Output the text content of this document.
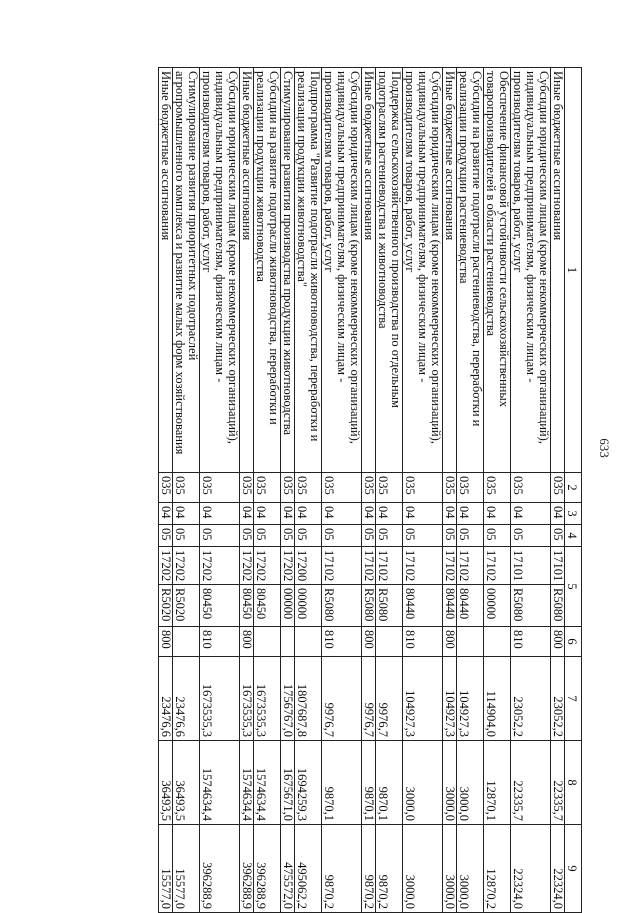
633
1	2	3	4	5		6	7	8	9
Иные бюджетные ассигнования	035	04	05	17101	R5080	800	23052,2	22335,7	22324,0
Субсидии юридическим лицам (кроме некоммерческих организаций), индивидуальным предпринимателям, физическим лицам - производителям товаров, работ, услуг	035	04	05	17101	R5080	810	23052,2	22335,7	22324,0
Обеспечение финансовой устойчивости сельскохозяйственных товаропроизводителей в области растениеводства	035	04	05	17102	00000		114904,0	12870,1	12870,2
Субсидии на развитие подотрасли растениеводства, переработки и реализации продукции растениеводства	035	04	05	17102	80440		104927,3	3000,0	3000,0
Иные бюджетные ассигнования	035	04	05	17102	80440	800	104927,3	3000,0	3000,0
Субсидии юридическим лицам (кроме некоммерческих организаций), индивидуальным предпринимателям, физическим лицам - производителям товаров, работ, услуг	035	04	05	17102	80440	810	104927,3	3000,0	3000,0
Поддержка сельскохозяйственного производства по отдельным подотраслям растениеводства и животноводства	035	04	05	17102	R5080		9976,7	9870,1	9870,2
Иные бюджетные ассигнования	035	04	05	17102	R5080	800	9976,7	9870,1	9870,2
Субсидии юридическим лицам (кроме некоммерческих организаций), индивидуальным предпринимателям, физическим лицам - производителям товаров, работ, услуг	035	04	05	17102	R5080	810	9976,7	9870,1	9870,2
Подпрограмма "Развитие подотрасли животноводства, переработки и реализации продукции животноводства"	035	04	05	17200	00000		1807687,8	1694259,3	495062,2
Стимулирование развития производства продукции животноводства	035	04	05	17202	00000		1756767,0	1675671,0	475572,0
Субсидии на развитие подотрасли животноводства, переработки и реализации продукции животноводства	035	04	05	17202	80450		1673535,3	1574634,4	396288,9
Иные бюджетные ассигнования	035	04	05	17202	80450	800	1673535,3	1574634,4	396288,9
Субсидии юридическим лицам (кроме некоммерческих организаций), индивидуальным предпринимателям, физическим лицам - производителям товаров, работ, услуг	035	04	05	17202	80450	810	1673535,3	1574634,4	396288,9
Стимулирование развития приоритетных подотраслей агропромышленного комплекса и развитие малых форм хозяйствования	035	04	05	17202	R5020		23476,6	36493,5	15577,0
Иные бюджетные ассигнования	035	04	05	17202	R5020	800	23476,6	36493,5	15577,0
